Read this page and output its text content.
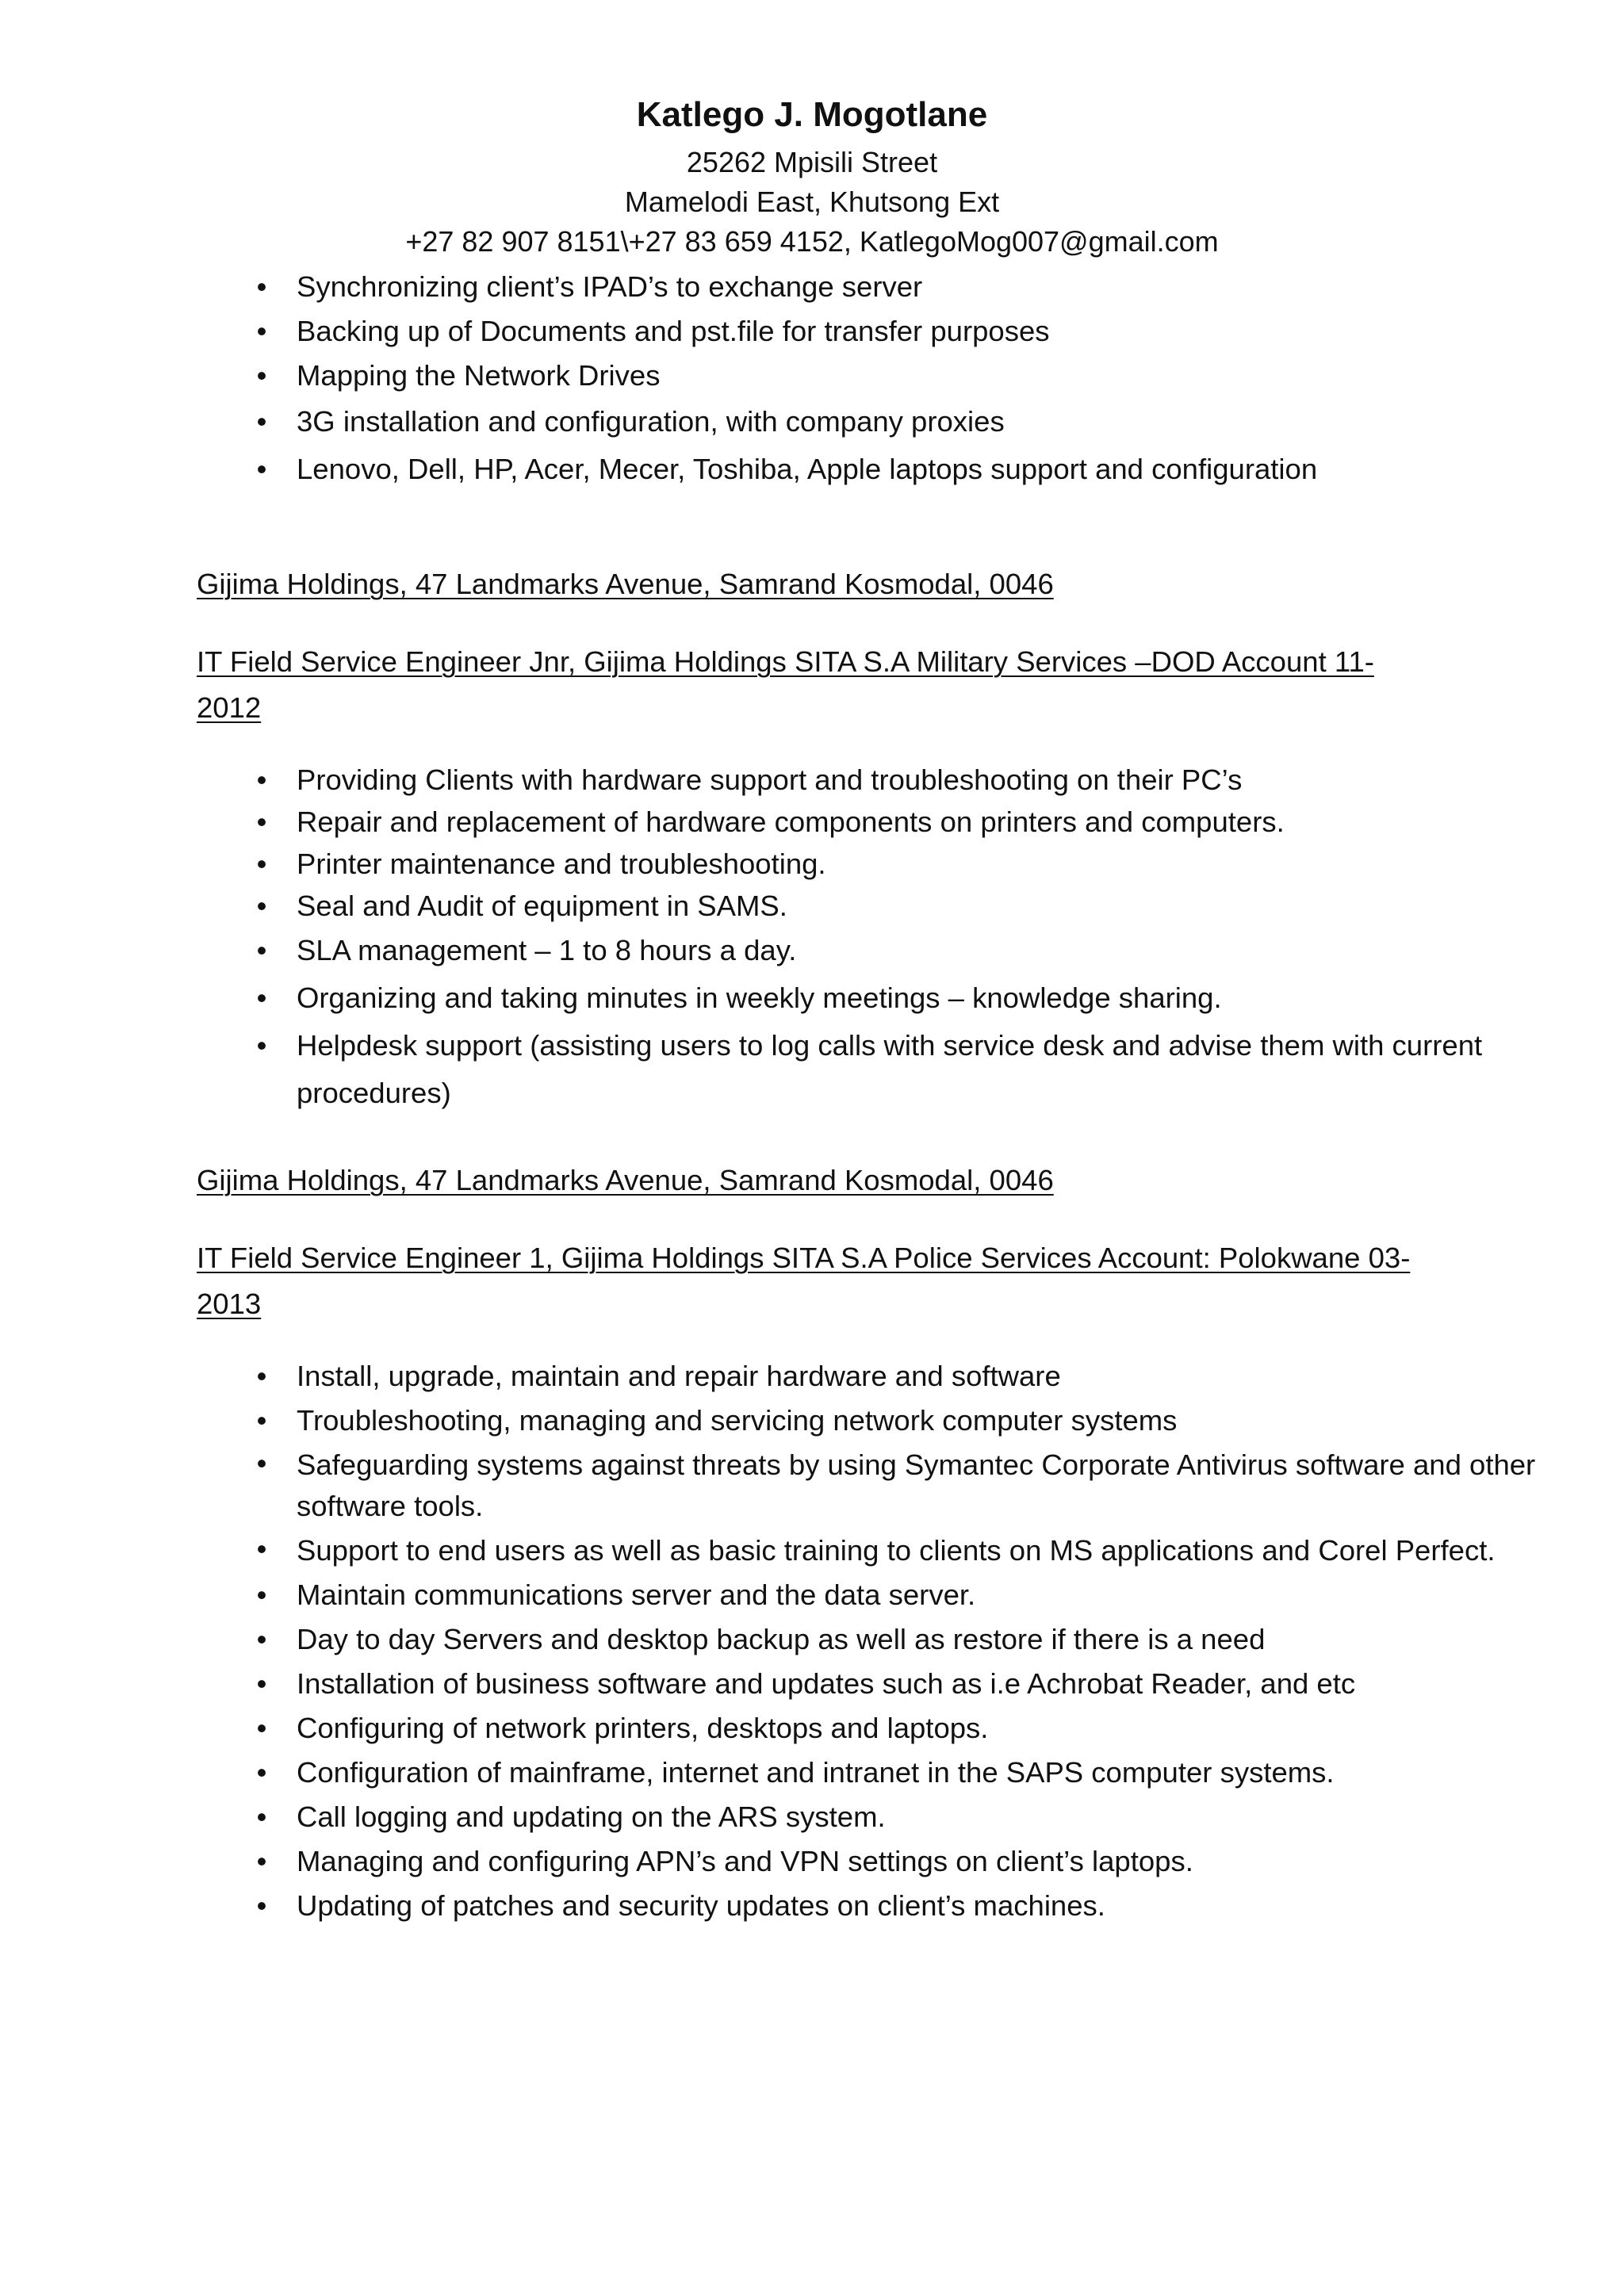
Katlego J. Mogotlane
25262 Mpisili Street
Mamelodi East, Khutsong Ext
+27 82 907 8151\+27 83 659 4152, KatlegoMog007@gmail.com
• Synchronizing client’s IPAD’s to exchange server
• Backing up of Documents and pst.file for transfer purposes
• Mapping the Network Drives
• 3G installation and configuration, with company proxies
• Lenovo, Dell, HP, Acer, Mecer, Toshiba, Apple laptops support and configuration
Gijima Holdings, 47 Landmarks Avenue, Samrand Kosmodal, 0046
IT Field Service Engineer Jnr, Gijima Holdings SITA S.A Military Services –DOD Account 11-2012
• Providing Clients with hardware support and troubleshooting on their PC’s
• Repair and replacement of hardware components on printers and computers.
• Printer maintenance and troubleshooting.
• Seal and Audit of equipment in SAMS.
• SLA management – 1 to 8 hours a day.
• Organizing and taking minutes in weekly meetings – knowledge sharing.
• Helpdesk support (assisting users to log calls with service desk and advise them with current procedures)
Gijima Holdings, 47 Landmarks Avenue, Samrand Kosmodal, 0046
IT Field Service Engineer 1, Gijima Holdings SITA S.A Police Services Account: Polokwane 03-2013
• Install, upgrade, maintain and repair hardware and software
• Troubleshooting, managing and servicing network computer systems
• Safeguarding systems against threats by using Symantec Corporate Antivirus software and other software tools.
• Support to end users as well as basic training to clients on MS applications and Corel Perfect.
• Maintain communications server and the data server.
• Day to day Servers and desktop backup as well as restore if there is a need
• Installation of business software and updates such as i.e Achrobat Reader, and etc
• Configuring of network printers, desktops and laptops.
• Configuration of mainframe, internet and intranet in the SAPS computer systems.
• Call logging and updating on the ARS system.
• Managing and configuring APN’s and VPN settings on client’s laptops.
• Updating of patches and security updates on client’s machines.
